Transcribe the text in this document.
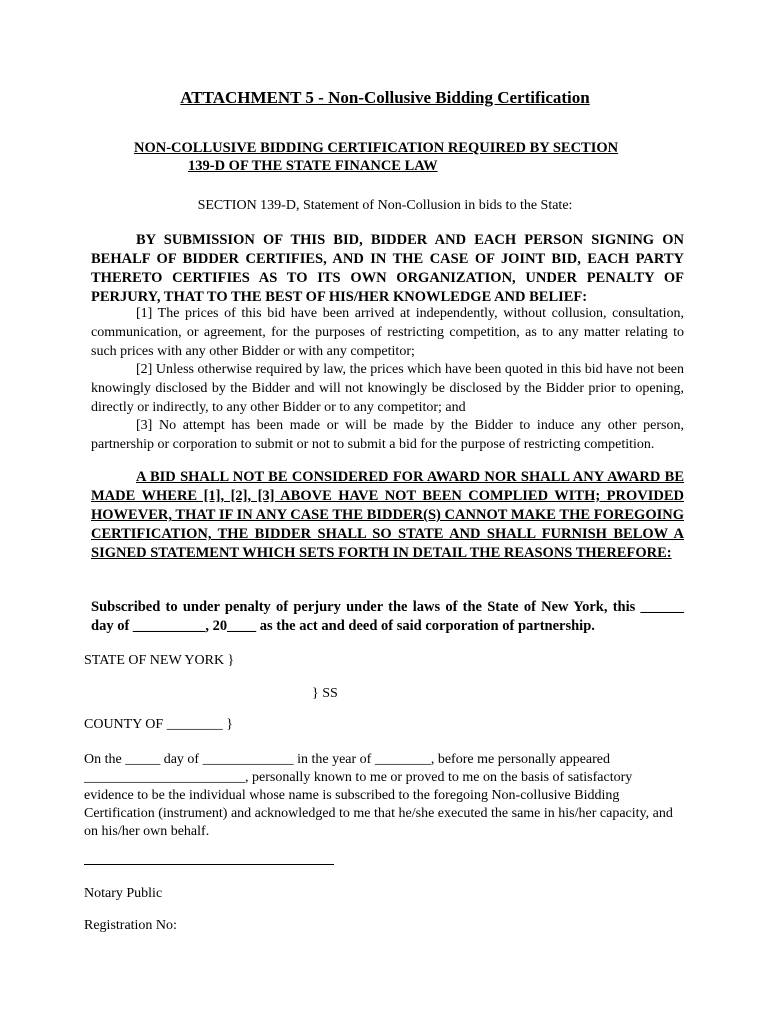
ATTACHMENT 5 - Non-Collusive Bidding Certification
NON-COLLUSIVE BIDDING CERTIFICATION REQUIRED BY SECTION
139-D OF THE STATE FINANCE LAW
SECTION 139-D, Statement of Non-Collusion in bids to the State:
BY SUBMISSION OF THIS BID, BIDDER AND EACH PERSON SIGNING ON BEHALF OF BIDDER CERTIFIES, AND IN THE CASE OF JOINT BID, EACH PARTY THERETO CERTIFIES AS TO ITS OWN ORGANIZATION, UNDER PENALTY OF PERJURY, THAT TO THE BEST OF HIS/HER KNOWLEDGE AND BELIEF:
[1] The prices of this bid have been arrived at independently, without collusion, consultation, communication, or agreement, for the purposes of restricting competition, as to any matter relating to such prices with any other Bidder or with any competitor;
[2] Unless otherwise required by law, the prices which have been quoted in this bid have not been knowingly disclosed by the Bidder and will not knowingly be disclosed by the Bidder prior to opening, directly or indirectly, to any other Bidder or to any competitor; and
[3] No attempt has been made or will be made by the Bidder to induce any other person, partnership or corporation to submit or not to submit a bid for the purpose of restricting competition.
A BID SHALL NOT BE CONSIDERED FOR AWARD NOR SHALL ANY AWARD BE MADE WHERE [1], [2], [3] ABOVE HAVE NOT BEEN COMPLIED WITH; PROVIDED HOWEVER, THAT IF IN ANY CASE THE BIDDER(S) CANNOT MAKE THE FOREGOING CERTIFICATION, THE BIDDER SHALL SO STATE AND SHALL FURNISH BELOW A SIGNED STATEMENT WHICH SETS FORTH IN DETAIL THE REASONS THEREFORE:
Subscribed to under penalty of perjury under the laws of the State of New York, this ______ day of __________, 20____ as the act and deed of said corporation of partnership.
STATE OF NEW YORK }
} SS
COUNTY OF ________ }
On the _____ day of _____________ in the year of ________, before me personally appeared _______________________, personally known to me or proved to me on the basis of satisfactory evidence to be the individual whose name is subscribed to the foregoing Non-collusive Bidding Certification (instrument) and acknowledged to me that he/she executed the same in his/her capacity, and on his/her own behalf.
Notary Public
Registration No:
